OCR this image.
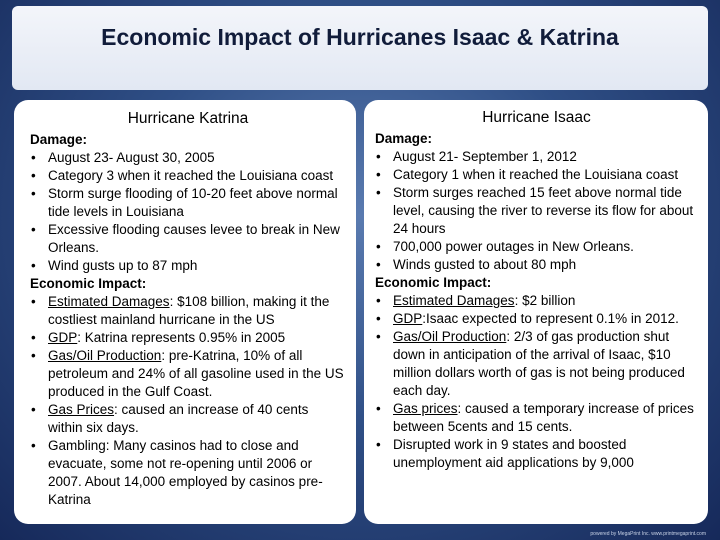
Economic Impact of Hurricanes Isaac & Katrina
Hurricane Katrina
Damage:
• August 23- August 30, 2005
• Category 3 when it reached the Louisiana coast
• Storm surge flooding of 10-20 feet above normal tide levels in Louisiana
• Excessive flooding causes levee to break in New Orleans.
• Wind gusts up to 87 mph
Economic Impact:
• Estimated Damages: $108 billion, making it the costliest mainland hurricane in the US
• GDP: Katrina represents 0.95% in 2005
• Gas/Oil Production: pre-Katrina, 10% of all petroleum and 24% of all gasoline used in the US produced in the Gulf Coast.
• Gas Prices: caused an increase of 40 cents within six days.
• Gambling: Many casinos had to close and evacuate, some not re-opening until 2006 or 2007. About 14,000 employed by casinos pre-Katrina
Hurricane Isaac
Damage:
• August 21- September 1, 2012
• Category 1 when it reached the Louisiana coast
• Storm surges reached 15 feet above normal tide level, causing the river to reverse its flow for about 24 hours
• 700,000 power outages in New Orleans.
• Winds gusted to about 80 mph
Economic Impact:
• Estimated Damages: $2 billion
• GDP:Isaac expected to represent 0.1% in 2012.
• Gas/Oil Production: 2/3 of gas production shut down in anticipation of the arrival of Isaac, $10 million dollars worth of gas is not being produced each day.
• Gas prices: caused a temporary increase of prices between 5cents and 15 cents.
• Disrupted work in 9 states and boosted unemployment aid applications by 9,000
powered by MegaPrint Inc. www.printmegaprint.com
